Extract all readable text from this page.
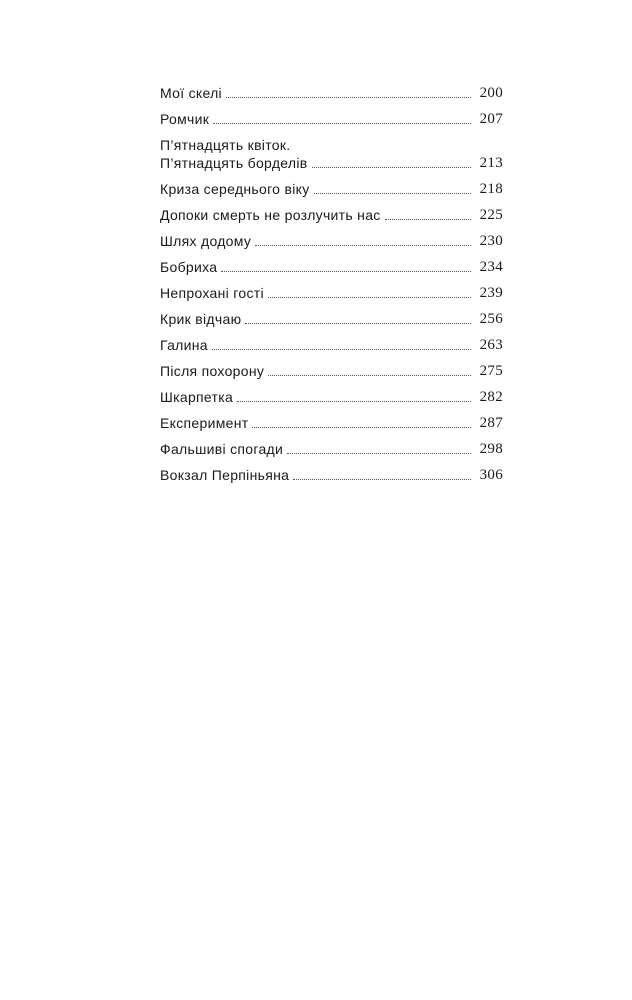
Мої скелі	200
Ромчик	207
П’ятнадцять квіток.
П’ятнадцять борделів	213
Криза середнього віку	218
Допоки смерть не розлучить нас	225
Шлях додому	230
Бобриха	234
Непрохані гості	239
Крик відчаю	256
Галина	263
Після похорону	275
Шкарпетка	282
Експеримент	287
Фальшиві спогади	298
Вокзал Перпіньяна	306
